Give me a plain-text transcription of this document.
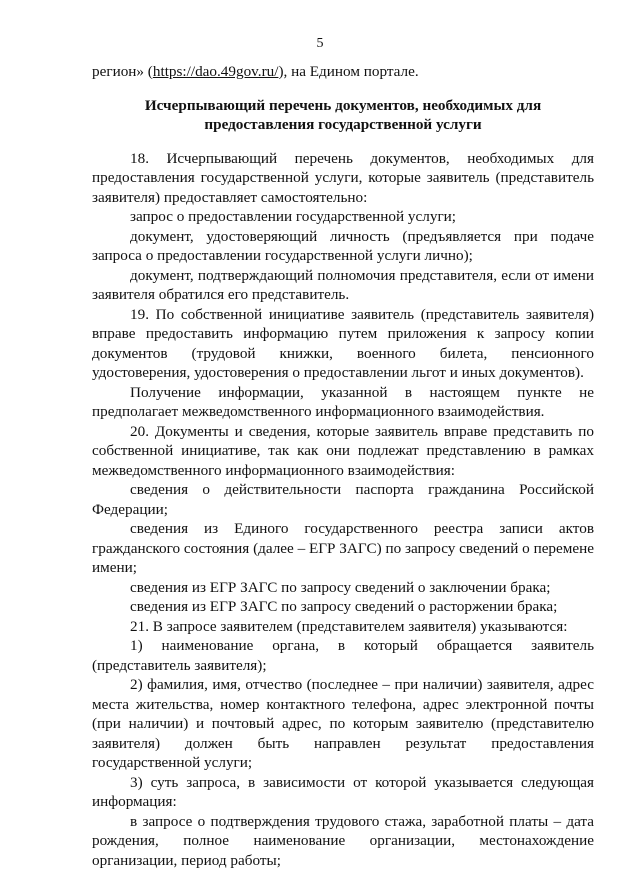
5

регион» (https://dao.49gov.ru/), на Едином портале.

Исчерпывающий перечень документов, необходимых для
предоставления государственной услуги

18. Исчерпывающий перечень документов, необходимых для предоставления государственной услуги, которые заявитель (представитель заявителя) предоставляет самостоятельно:

запрос о предоставлении государственной услуги;

документ, удостоверяющий личность (предъявляется при подаче запроса о предоставлении государственной услуги лично);

документ, подтверждающий полномочия представителя, если от имени заявителя обратился его представитель.

19. По собственной инициативе заявитель (представитель заявителя) вправе предоставить информацию путем приложения к запросу копии документов (трудовой книжки, военного билета, пенсионного удостоверения, удостоверения о предоставлении льгот и иных документов).

Получение информации, указанной в настоящем пункте не предполагает межведомственного информационного взаимодействия.

20. Документы и сведения, которые заявитель вправе представить по собственной инициативе, так как они подлежат представлению в рамках межведомственного информационного взаимодействия:

сведения о действительности паспорта гражданина Российской Федерации;

сведения из Единого государственного реестра записи актов гражданского состояния (далее – ЕГР ЗАГС) по запросу сведений о перемене имени;

сведения из ЕГР ЗАГС по запросу сведений о заключении брака;

сведения из ЕГР ЗАГС по запросу сведений о расторжении брака;

21. В запросе заявителем (представителем заявителя) указываются:

1) наименование органа, в который обращается заявитель (представитель заявителя);

2) фамилия, имя, отчество (последнее – при наличии) заявителя, адрес места жительства, номер контактного телефона, адрес электронной почты (при наличии) и почтовый адрес, по которым заявителю (представителю заявителя) должен быть направлен результат предоставления государственной услуги;

3) суть запроса, в зависимости от которой указывается следующая информация:

в запросе о подтверждения трудового стажа, заработной платы – дата рождения, полное наименование организации, местонахождение организации, период работы;
